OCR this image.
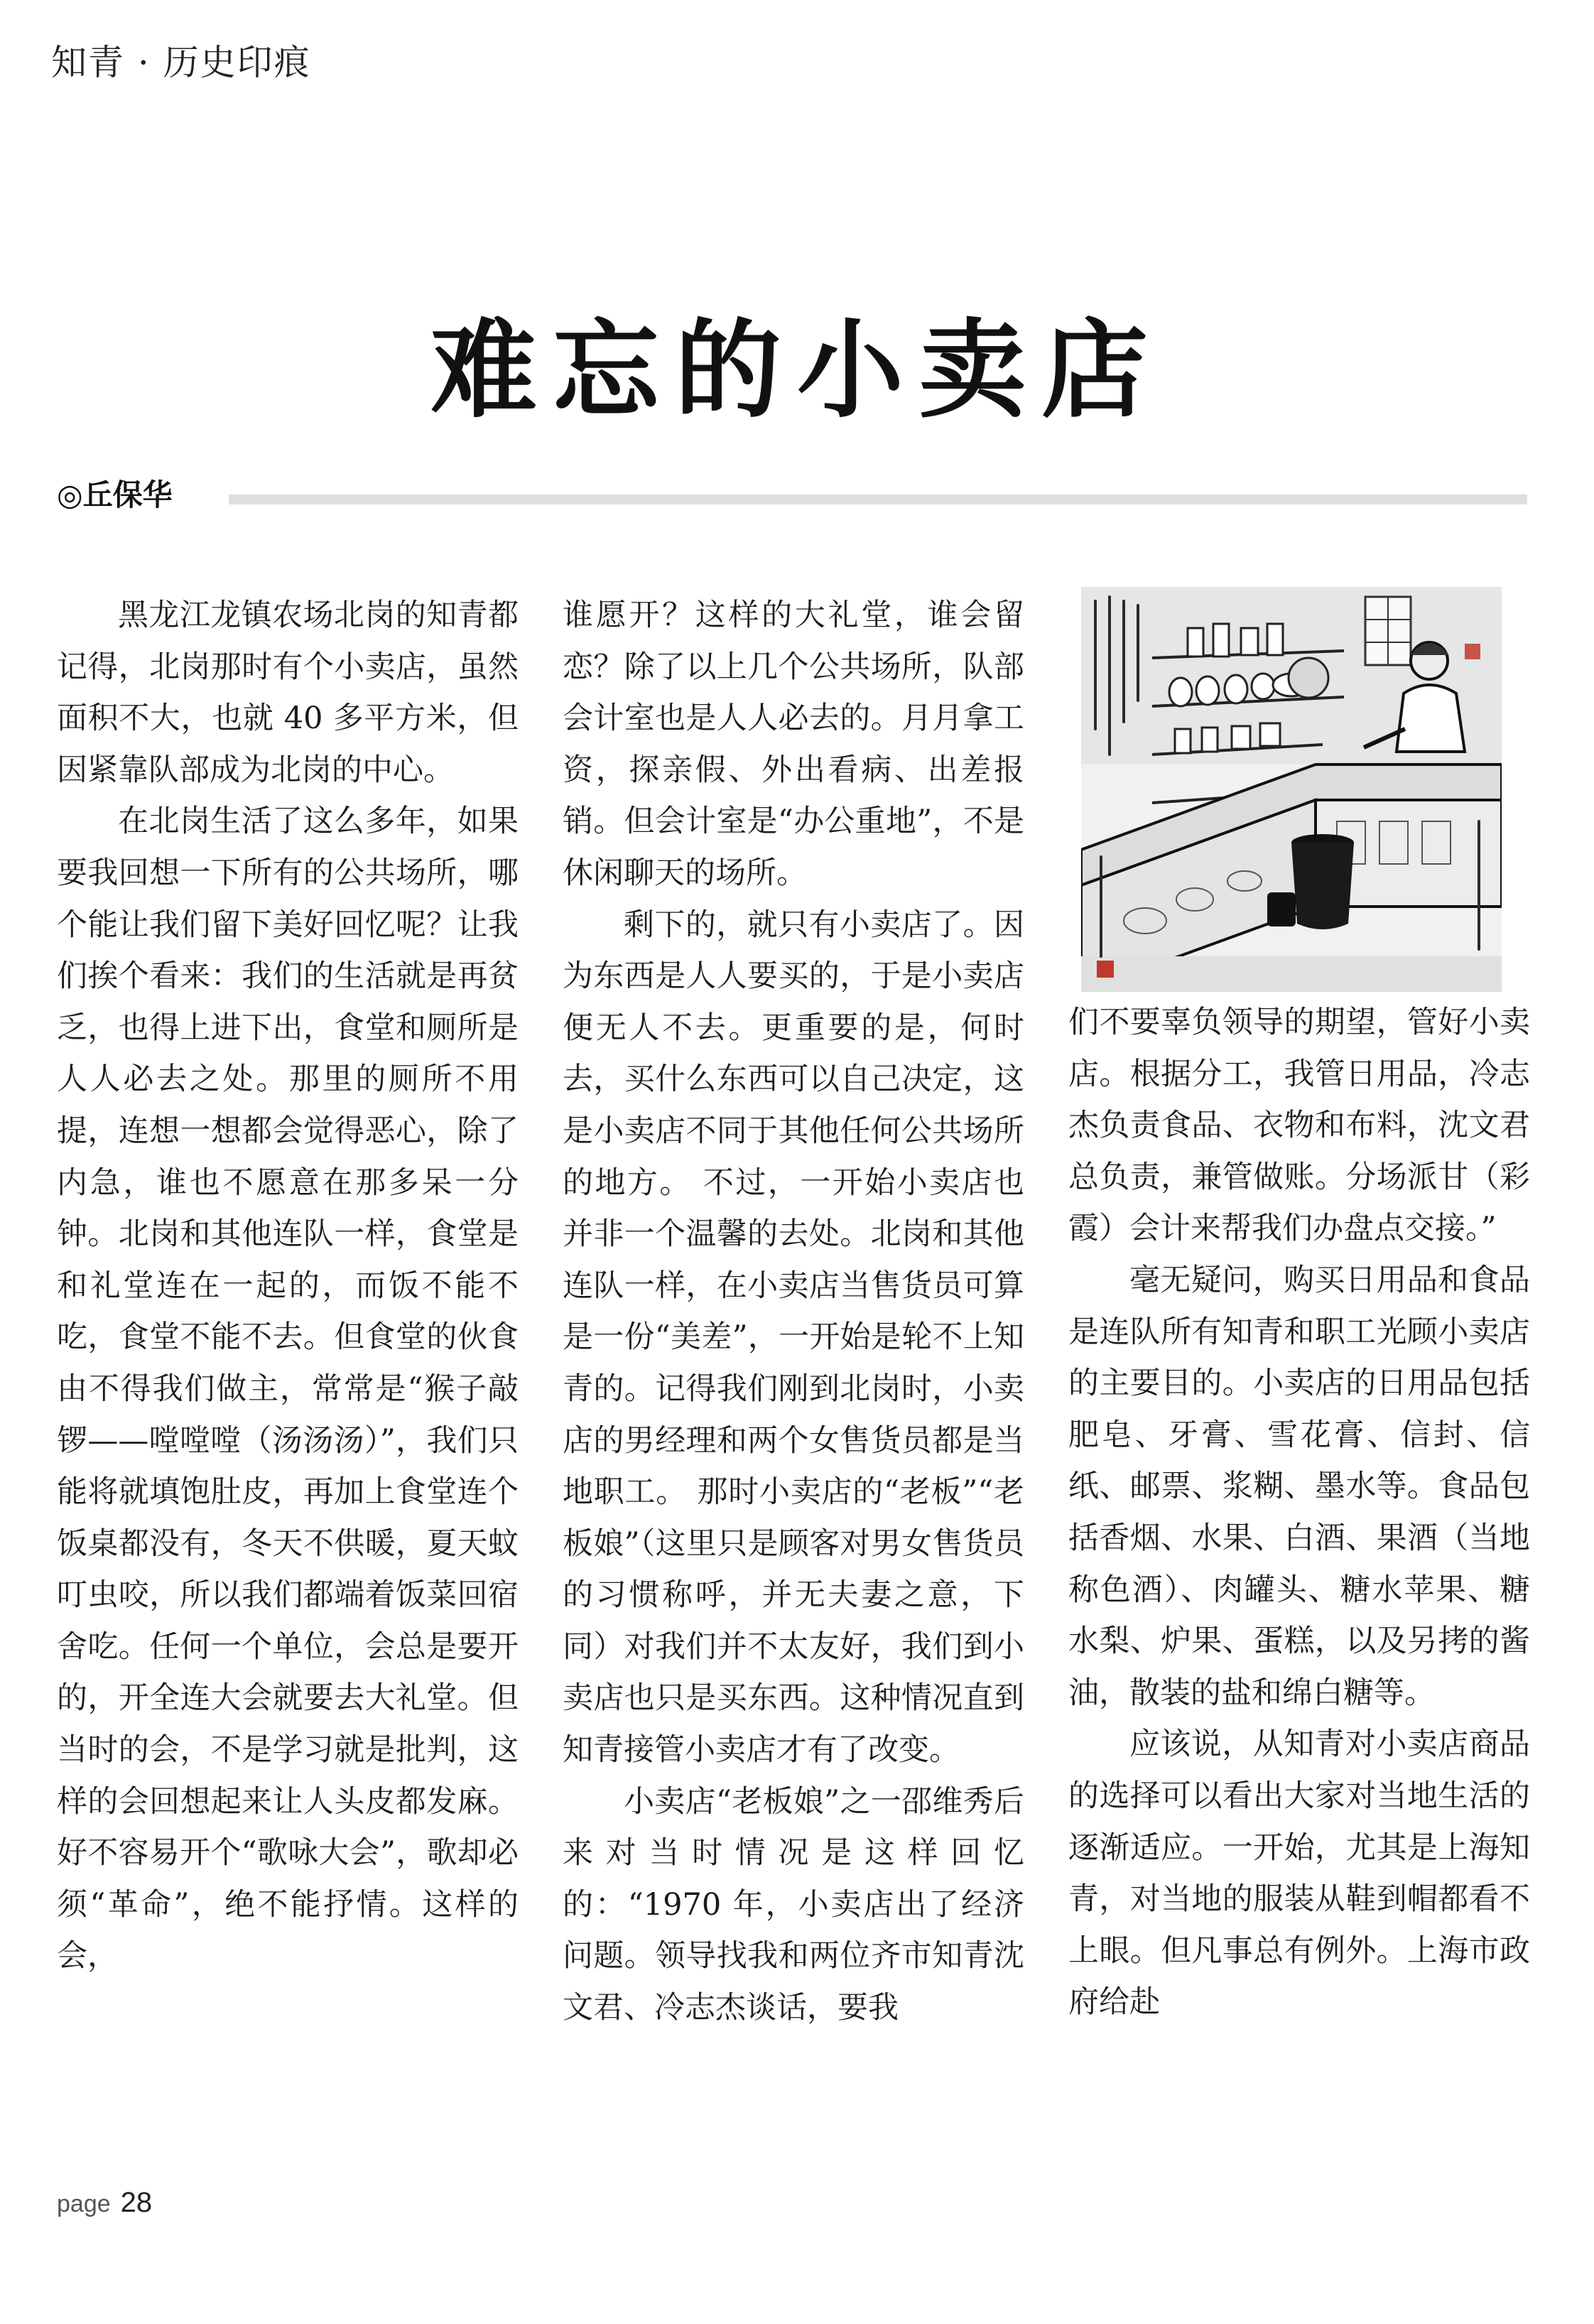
知青 · 历史印痕
难忘的小卖店
◎丘保华

黑龙江龙镇农场北岗的知青都记得，北岗那时有个小卖店，虽然面积不大，也就 40 多平方米，但因紧靠队部成为北岗的中心。

在北岗生活了这么多年，如果要我回想一下所有的公共场所，哪个能让我们留下美好回忆呢？让我们挨个看来：我们的生活就是再贫乏，也得上进下出，食堂和厕所是人人必去之处。那里的厕所不用提，连想一想都会觉得恶心，除了内急，谁也不愿意在那多呆一分钟。北岗和其他连队一样，食堂是和礼堂连在一起的，而饭不能不吃，食堂不能不去。但食堂的伙食由不得我们做主，常常是“猴子敲锣——嘡嘡嘡（汤汤汤）”，我们只能将就填饱肚皮，再加上食堂连个饭桌都没有，冬天不供暖，夏天蚊叮虫咬，所以我们都端着饭菜回宿舍吃。任何一个单位，会总是要开的，开全连大会就要去大礼堂。但当时的会，不是学习就是批判，这样的会回想起来让人头皮都发麻。好不容易开个“歌咏大会”，歌却必须“革命”，绝不能抒情。这样的会，

谁愿开？这样的大礼堂，谁会留恋？除了以上几个公共场所，队部会计室也是人人必去的。月月拿工资，探亲假、外出看病、出差报销。但会计室是“办公重地”，不是休闲聊天的场所。

剩下的，就只有小卖店了。因为东西是人人要买的，于是小卖店便无人不去。更重要的是，何时去，买什么东西可以自己决定，这是小卖店不同于其他任何公共场所的地方。 不过，一开始小卖店也并非一个温馨的去处。北岗和其他连队一样，在小卖店当售货员可算是一份“美差”，一开始是轮不上知青的。记得我们刚到北岗时，小卖店的男经理和两个女售货员都是当地职工。 那时小卖店的“老板”“老板娘”（这里只是顾客对男女售货员的习惯称呼，并无夫妻之意，下同）对我们并不太友好，我们到小卖店也只是买东西。这种情况直到知青接管小卖店才有了改变。

小卖店“老板娘”之一邵维秀后来对当时情况是这样回忆的：“1970 年，小卖店出了经济问题。领导找我和两位齐市知青沈文君、冷志杰谈话，要我

们不要辜负领导的期望，管好小卖店。根据分工，我管日用品，冷志杰负责食品、衣物和布料，沈文君总负责，兼管做账。分场派甘（彩霞）会计来帮我们办盘点交接。”

毫无疑问，购买日用品和食品是连队所有知青和职工光顾小卖店的主要目的。小卖店的日用品包括肥皂、牙膏、雪花膏、信封、信纸、邮票、浆糊、墨水等。食品包括香烟、水果、白酒、果酒（当地称色酒）、肉罐头、糖水苹果、糖水梨、炉果、蛋糕，以及另拷的酱油，散装的盐和绵白糖等。

应该说，从知青对小卖店商品的选择可以看出大家对当地生活的逐渐适应。一开始，尤其是上海知青，对当地的服装从鞋到帽都看不上眼。但凡事总有例外。上海市政府给赴

page 28
